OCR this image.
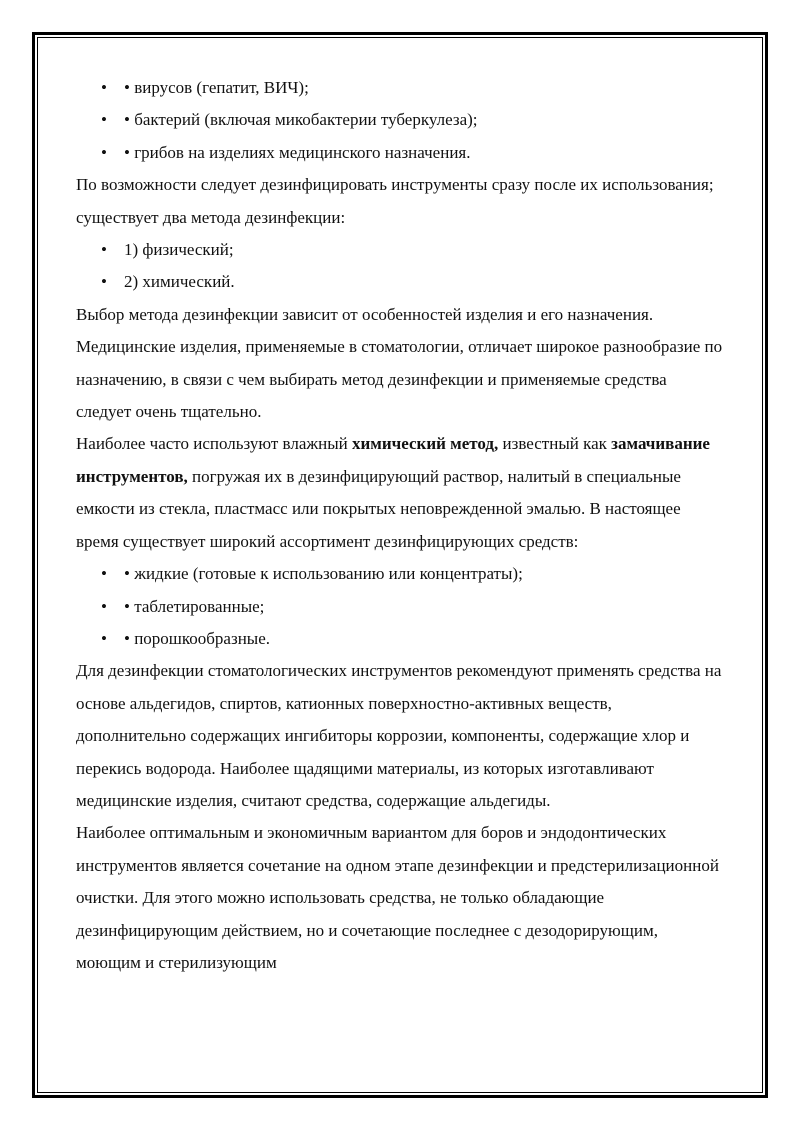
• • вирусов (гепатит, ВИЧ);
• • бактерий (включая микобактерии туберкулеза);
• • грибов на изделиях медицинского назначения.

По возможности следует дезинфицировать инструменты сразу после их использования; существует два метода дезинфекции:

• 1) физический;
• 2) химический.

Выбор метода дезинфекции зависит от особенностей изделия и его назначения. Медицинские изделия, применяемые в стоматологии, отличает широкое разнообразие по назначению, в связи с чем выбирать метод дезинфекции и применяемые средства следует очень тщательно.

Наиболее часто используют влажный химический метод, известный как замачивание инструментов, погружая их в дезинфицирующий раствор, налитый в специальные емкости из стекла, пластмасс или покрытых неповрежденной эмалью. В настоящее время существует широкий ассортимент дезинфицирующих средств:

• • жидкие (готовые к использованию или концентраты);
• • таблетированные;
• • порошкообразные.

Для дезинфекции стоматологических инструментов рекомендуют применять средства на основе альдегидов, спиртов, катионных поверхностно-активных веществ, дополнительно содержащих ингибиторы коррозии, компоненты, содержащие хлор и перекись водорода. Наиболее щадящими материалы, из которых изготавливают медицинские изделия, считают средства, содержащие альдегиды.

Наиболее оптимальным и экономичным вариантом для боров и эндодонтических инструментов является сочетание на одном этапе дезинфекции и предстерилизационной очистки. Для этого можно использовать средства, не только обладающие дезинфицирующим действием, но и сочетающие последнее с дезодорирующим, моющим и стерилизующим
